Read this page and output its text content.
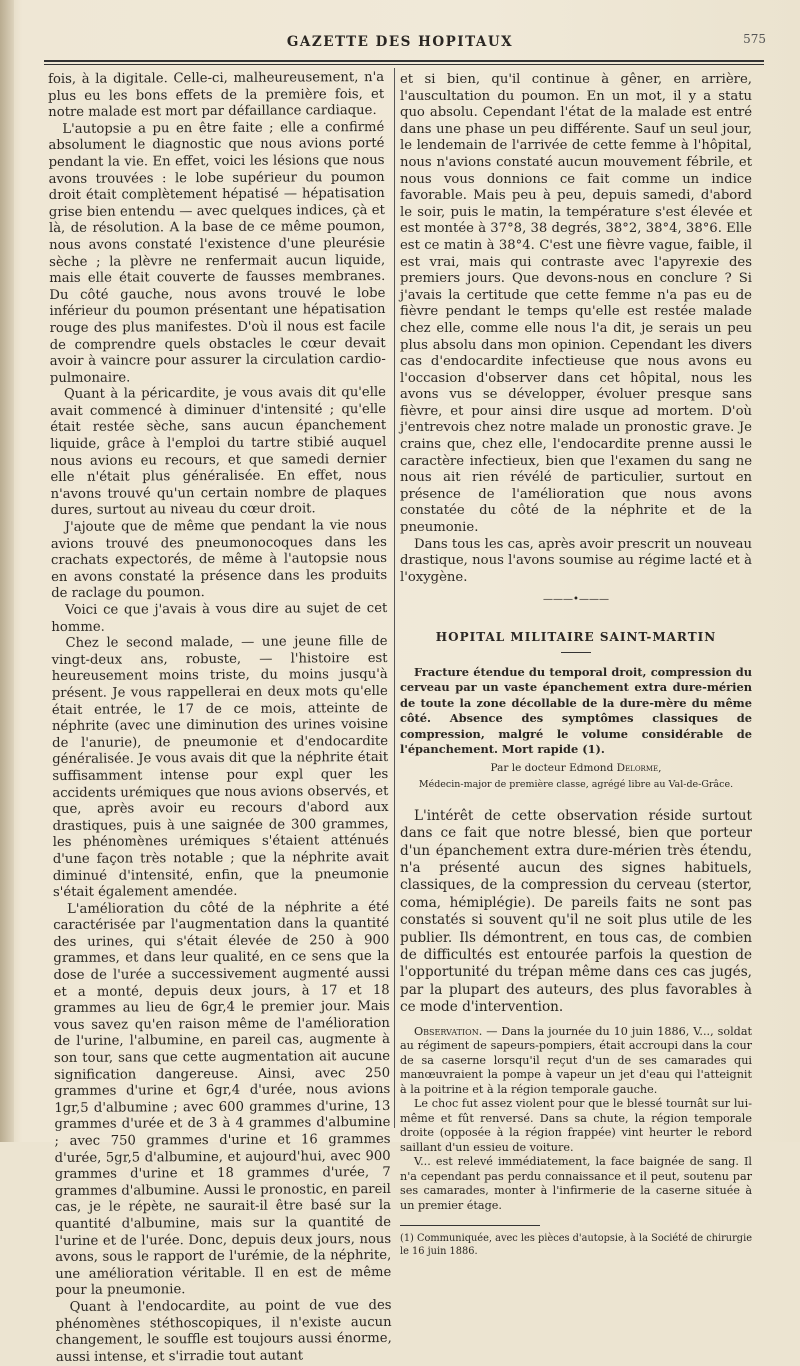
GAZETTE DES HOPITAUX	575

fois, à la digitale. Celle-ci, malheureusement, n'a plus eu les bons effets de la première fois, et notre malade est mort par défaillance cardiaque.

L'autopsie a pu en être faite ; elle a confirmé absolument le diagnostic que nous avions porté pendant la vie. En effet, voici les lésions que nous avons trouvées : le lobe supérieur du poumon droit était complètement hépatisé — hépatisation grise bien entendu — avec quelques indices, çà et là, de résolution. A la base de ce même poumon, nous avons constaté l'existence d'une pleurésie sèche ; la plèvre ne renfermait aucun liquide, mais elle était couverte de fausses membranes. Du côté gauche, nous avons trouvé le lobe inférieur du poumon présentant une hépatisation rouge des plus manifestes. D'où il nous est facile de comprendre quels obstacles le cœur devait avoir à vaincre pour assurer la circulation cardio-pulmonaire.

Quant à la péricardite, je vous avais dit qu'elle avait commencé à diminuer d'intensité ; qu'elle était restée sèche, sans aucun épanchement liquide, grâce à l'emploi du tartre stibié auquel nous avions eu recours, et que samedi dernier elle n'était plus généralisée. En effet, nous n'avons trouvé qu'un certain nombre de plaques dures, surtout au niveau du cœur droit.

J'ajoute que de même que pendant la vie nous avions trouvé des pneumonocoques dans les crachats expectorés, de même à l'autopsie nous en avons constaté la présence dans les produits de raclage du poumon.

Voici ce que j'avais à vous dire au sujet de cet homme.

Chez le second malade, — une jeune fille de vingt-deux ans, robuste, — l'histoire est heureusement moins triste, du moins jusqu'à présent. Je vous rappellerai en deux mots qu'elle était entrée, le 17 de ce mois, atteinte de néphrite (avec une diminution des urines voisine de l'anurie), de pneumonie et d'endocardite généralisée. Je vous avais dit que la néphrite était suffisamment intense pour expl quer les accidents urémiques que nous avions observés, et que, après avoir eu recours d'abord aux drastiques, puis à une saignée de 300 grammes, les phénomènes urémiques s'étaient atténués d'une façon très notable ; que la néphrite avait diminué d'intensité, enfin, que la pneumonie s'était également amendée.

L'amélioration du côté de la néphrite a été caractérisée par l'augmentation dans la quantité des urines, qui s'était élevée de 250 à 900 grammes, et dans leur qualité, en ce sens que la dose de l'urée a successivement augmenté aussi et a monté, depuis deux jours, à 17 et 18 grammes au lieu de 6gr,4 le premier jour. Mais vous savez qu'en raison même de l'amélioration de l'urine, l'albumine, en pareil cas, augmente à son tour, sans que cette augmentation ait aucune signification dangereuse. Ainsi, avec 250 grammes d'urine et 6gr,4 d'urée, nous avions 1gr,5 d'albumine ; avec 600 grammes d'urine, 13 grammes d'urée et de 3 à 4 grammes d'albumine ; avec 750 grammes d'urine et 16 grammes d'urée, 5gr,5 d'albumine, et aujourd'hui, avec 900 grammes d'urine et 18 grammes d'urée, 7 grammes d'albumine. Aussi le pronostic, en pareil cas, je le répète, ne saurait-il être basé sur la quantité d'albumine, mais sur la quantité de l'urine et de l'urée. Donc, depuis deux jours, nous avons, sous le rapport de l'urémie, de la néphrite, une amélioration véritable. Il en est de même pour la pneumonie.

Quant à l'endocardite, au point de vue des phénomènes stéthoscopiques, il n'existe aucun changement, le souffle est toujours aussi énorme, aussi intense, et s'irradie tout autant

et si bien, qu'il continue à gêner, en arrière, l'auscultation du poumon. En un mot, il y a statu quo absolu. Cependant l'état de la malade est entré dans une phase un peu différente. Sauf un seul jour, le lendemain de l'arrivée de cette femme à l'hôpital, nous n'avions constaté aucun mouvement fébrile, et nous vous donnions ce fait comme un indice favorable. Mais peu à peu, depuis samedi, d'abord le soir, puis le matin, la température s'est élevée et est montée à 37°8, 38 degrés, 38°2, 38°4, 38°6. Elle est ce matin à 38°4. C'est une fièvre vague, faible, il est vrai, mais qui contraste avec l'apyrexie des premiers jours. Que devons-nous en conclure ? Si j'avais la certitude que cette femme n'a pas eu de fièvre pendant le temps qu'elle est restée malade chez elle, comme elle nous l'a dit, je serais un peu plus absolu dans mon opinion. Cependant les divers cas d'endocardite infectieuse que nous avons eu l'occasion d'observer dans cet hôpital, nous les avons vus se développer, évoluer presque sans fièvre, et pour ainsi dire usque ad mortem. D'où j'entrevois chez notre malade un pronostic grave. Je crains que, chez elle, l'endocardite prenne aussi le caractère infectieux, bien que l'examen du sang ne nous ait rien révélé de particulier, surtout en présence de l'amélioration que nous avons constatée du côté de la néphrite et de la pneumonie.

Dans tous les cas, après avoir prescrit un nouveau drastique, nous l'avons soumise au régime lacté et à l'oxygène.

———•———
HOPITAL MILITAIRE SAINT-MARTIN

Fracture étendue du temporal droit, compression du cerveau par un vaste épanchement extra dure-mérien de toute la zone décollable de la dure-mère du même côté. Absence des symptômes classiques de compression, malgré le volume considérable de l'épanchement. Mort rapide (1).

Par le docteur Edmond Delorme,
Médecin-major de première classe, agrégé libre au Val-de-Grâce.

L'intérêt de cette observation réside surtout dans ce fait que notre blessé, bien que porteur d'un épanchement extra dure-mérien très étendu, n'a présenté aucun des signes habituels, classiques, de la compression du cerveau (stertor, coma, hémiplégie). De pareils faits ne sont pas constatés si souvent qu'il ne soit plus utile de les publier. Ils démontrent, en tous cas, de combien de difficultés est entourée parfois la question de l'opportunité du trépan même dans ces cas jugés, par la plupart des auteurs, des plus favorables à ce mode d'intervention.

Observation. — Dans la journée du 10 juin 1886, V..., soldat au régiment de sapeurs-pompiers, était accroupi dans la cour de sa caserne lorsqu'il reçut d'un de ses camarades qui manœuvraient la pompe à vapeur un jet d'eau qui l'atteignit à la poitrine et à la région temporale gauche.

Le choc fut assez violent pour que le blessé tournât sur lui-même et fût renversé. Dans sa chute, la région temporale droite (opposée à la région frappée) vint heurter le rebord saillant d'un essieu de voiture.

V... est relevé immédiatement, la face baignée de sang. Il n'a cependant pas perdu connaissance et il peut, soutenu par ses camarades, monter à l'infirmerie de la caserne située à un premier étage.

(1) Communiquée, avec les pièces d'autopsie, à la Société de chirurgie le 16 juin 1886.
